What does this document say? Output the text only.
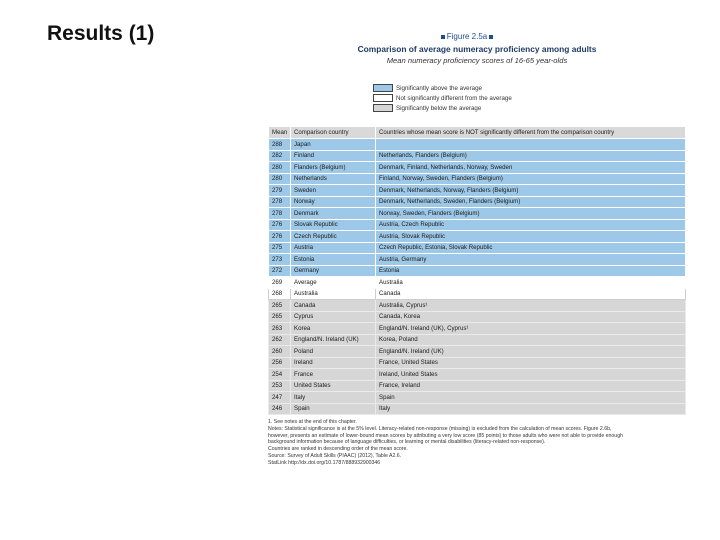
Results (1)	Figure 2.5a
Comparison of average numeracy proficiency among adults
Mean numeracy proficiency scores of 16-65 year-olds
Significantly above the average
Not significantly different from the average
Significantly below the average
Mean	Comparison country	Countries whose mean score is NOT significantly different from the comparison country
288	Japan	
282	Finland	Netherlands, Flanders (Belgium)
280	Flanders (Belgium)	Denmark, Finland, Netherlands, Norway, Sweden
280	Netherlands	Finland, Norway, Sweden, Flanders (Belgium)
279	Sweden	Denmark, Netherlands, Norway, Flanders (Belgium)
278	Norway	Denmark, Netherlands, Sweden, Flanders (Belgium)
278	Denmark	Norway, Sweden, Flanders (Belgium)
276	Slovak Republic	Austria, Czech Republic
276	Czech Republic	Austria, Slovak Republic
275	Austria	Czech Republic, Estonia, Slovak Republic
273	Estonia	Austria, Germany
272	Germany	Estonia
269	Average	Australia
268	Australia	Canada
265	Canada	Australia, Cyprus¹
265	Cyprus	Canada, Korea
263	Korea	England/N. Ireland (UK), Cyprus¹
262	England/N. Ireland (UK)	Korea, Poland
260	Poland	England/N. Ireland (UK)
256	Ireland	France, United States
254	France	Ireland, United States
253	United States	France, Ireland
247	Italy	Spain
246	Spain	Italy
1. See notes at the end of this chapter.
Notes: Statistical significance is at the 5% level. Literacy-related non-response (missing) is excluded from the calculation of mean scores. Figure 2.6b,
however, presents an estimate of lower-bound mean scores by attributing a very low score (85 points) to those adults who were not able to provide enough
background information because of language difficulties, or learning or mental disabilities (literacy-related non-response).
Countries are ranked in descending order of the mean score.
Source: Survey of Adult Skills (PIAAC) (2012), Table A2.6.
StatLink http://dx.doi.org/10.1787/888932900346
